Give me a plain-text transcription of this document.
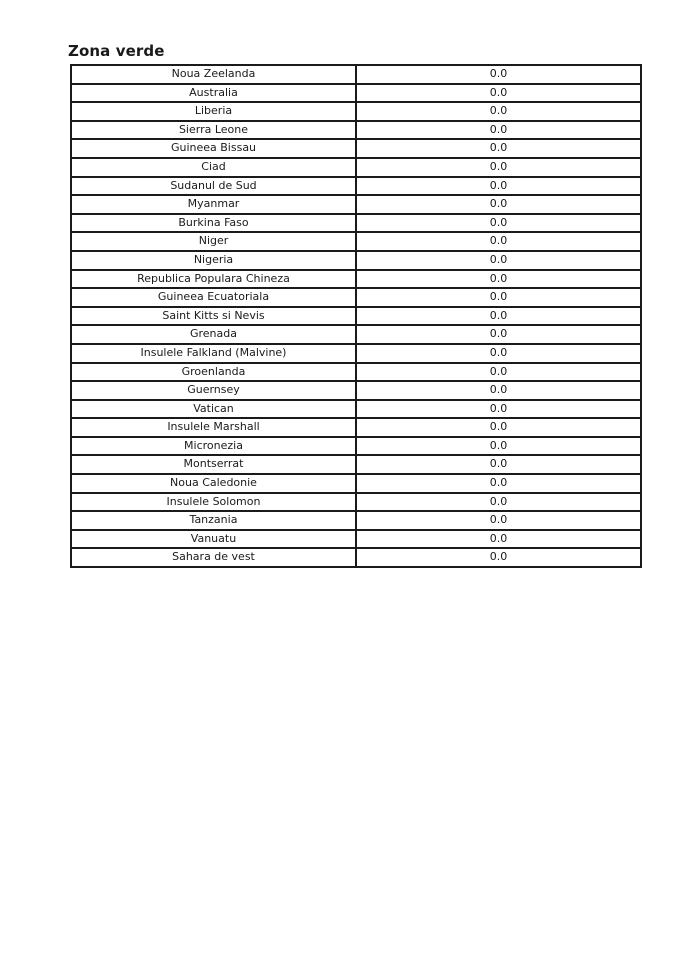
Zona verde
Noua Zeelanda	0.0
Australia	0.0
Liberia	0.0
Sierra Leone	0.0
Guineea Bissau	0.0
Ciad	0.0
Sudanul de Sud	0.0
Myanmar	0.0
Burkina Faso	0.0
Niger	0.0
Nigeria	0.0
Republica Populara Chineza	0.0
Guineea Ecuatoriala	0.0
Saint Kitts si Nevis	0.0
Grenada	0.0
Insulele Falkland (Malvine)	0.0
Groenlanda	0.0
Guernsey	0.0
Vatican	0.0
Insulele Marshall	0.0
Micronezia	0.0
Montserrat	0.0
Noua Caledonie	0.0
Insulele Solomon	0.0
Tanzania	0.0
Vanuatu	0.0
Sahara de vest	0.0
